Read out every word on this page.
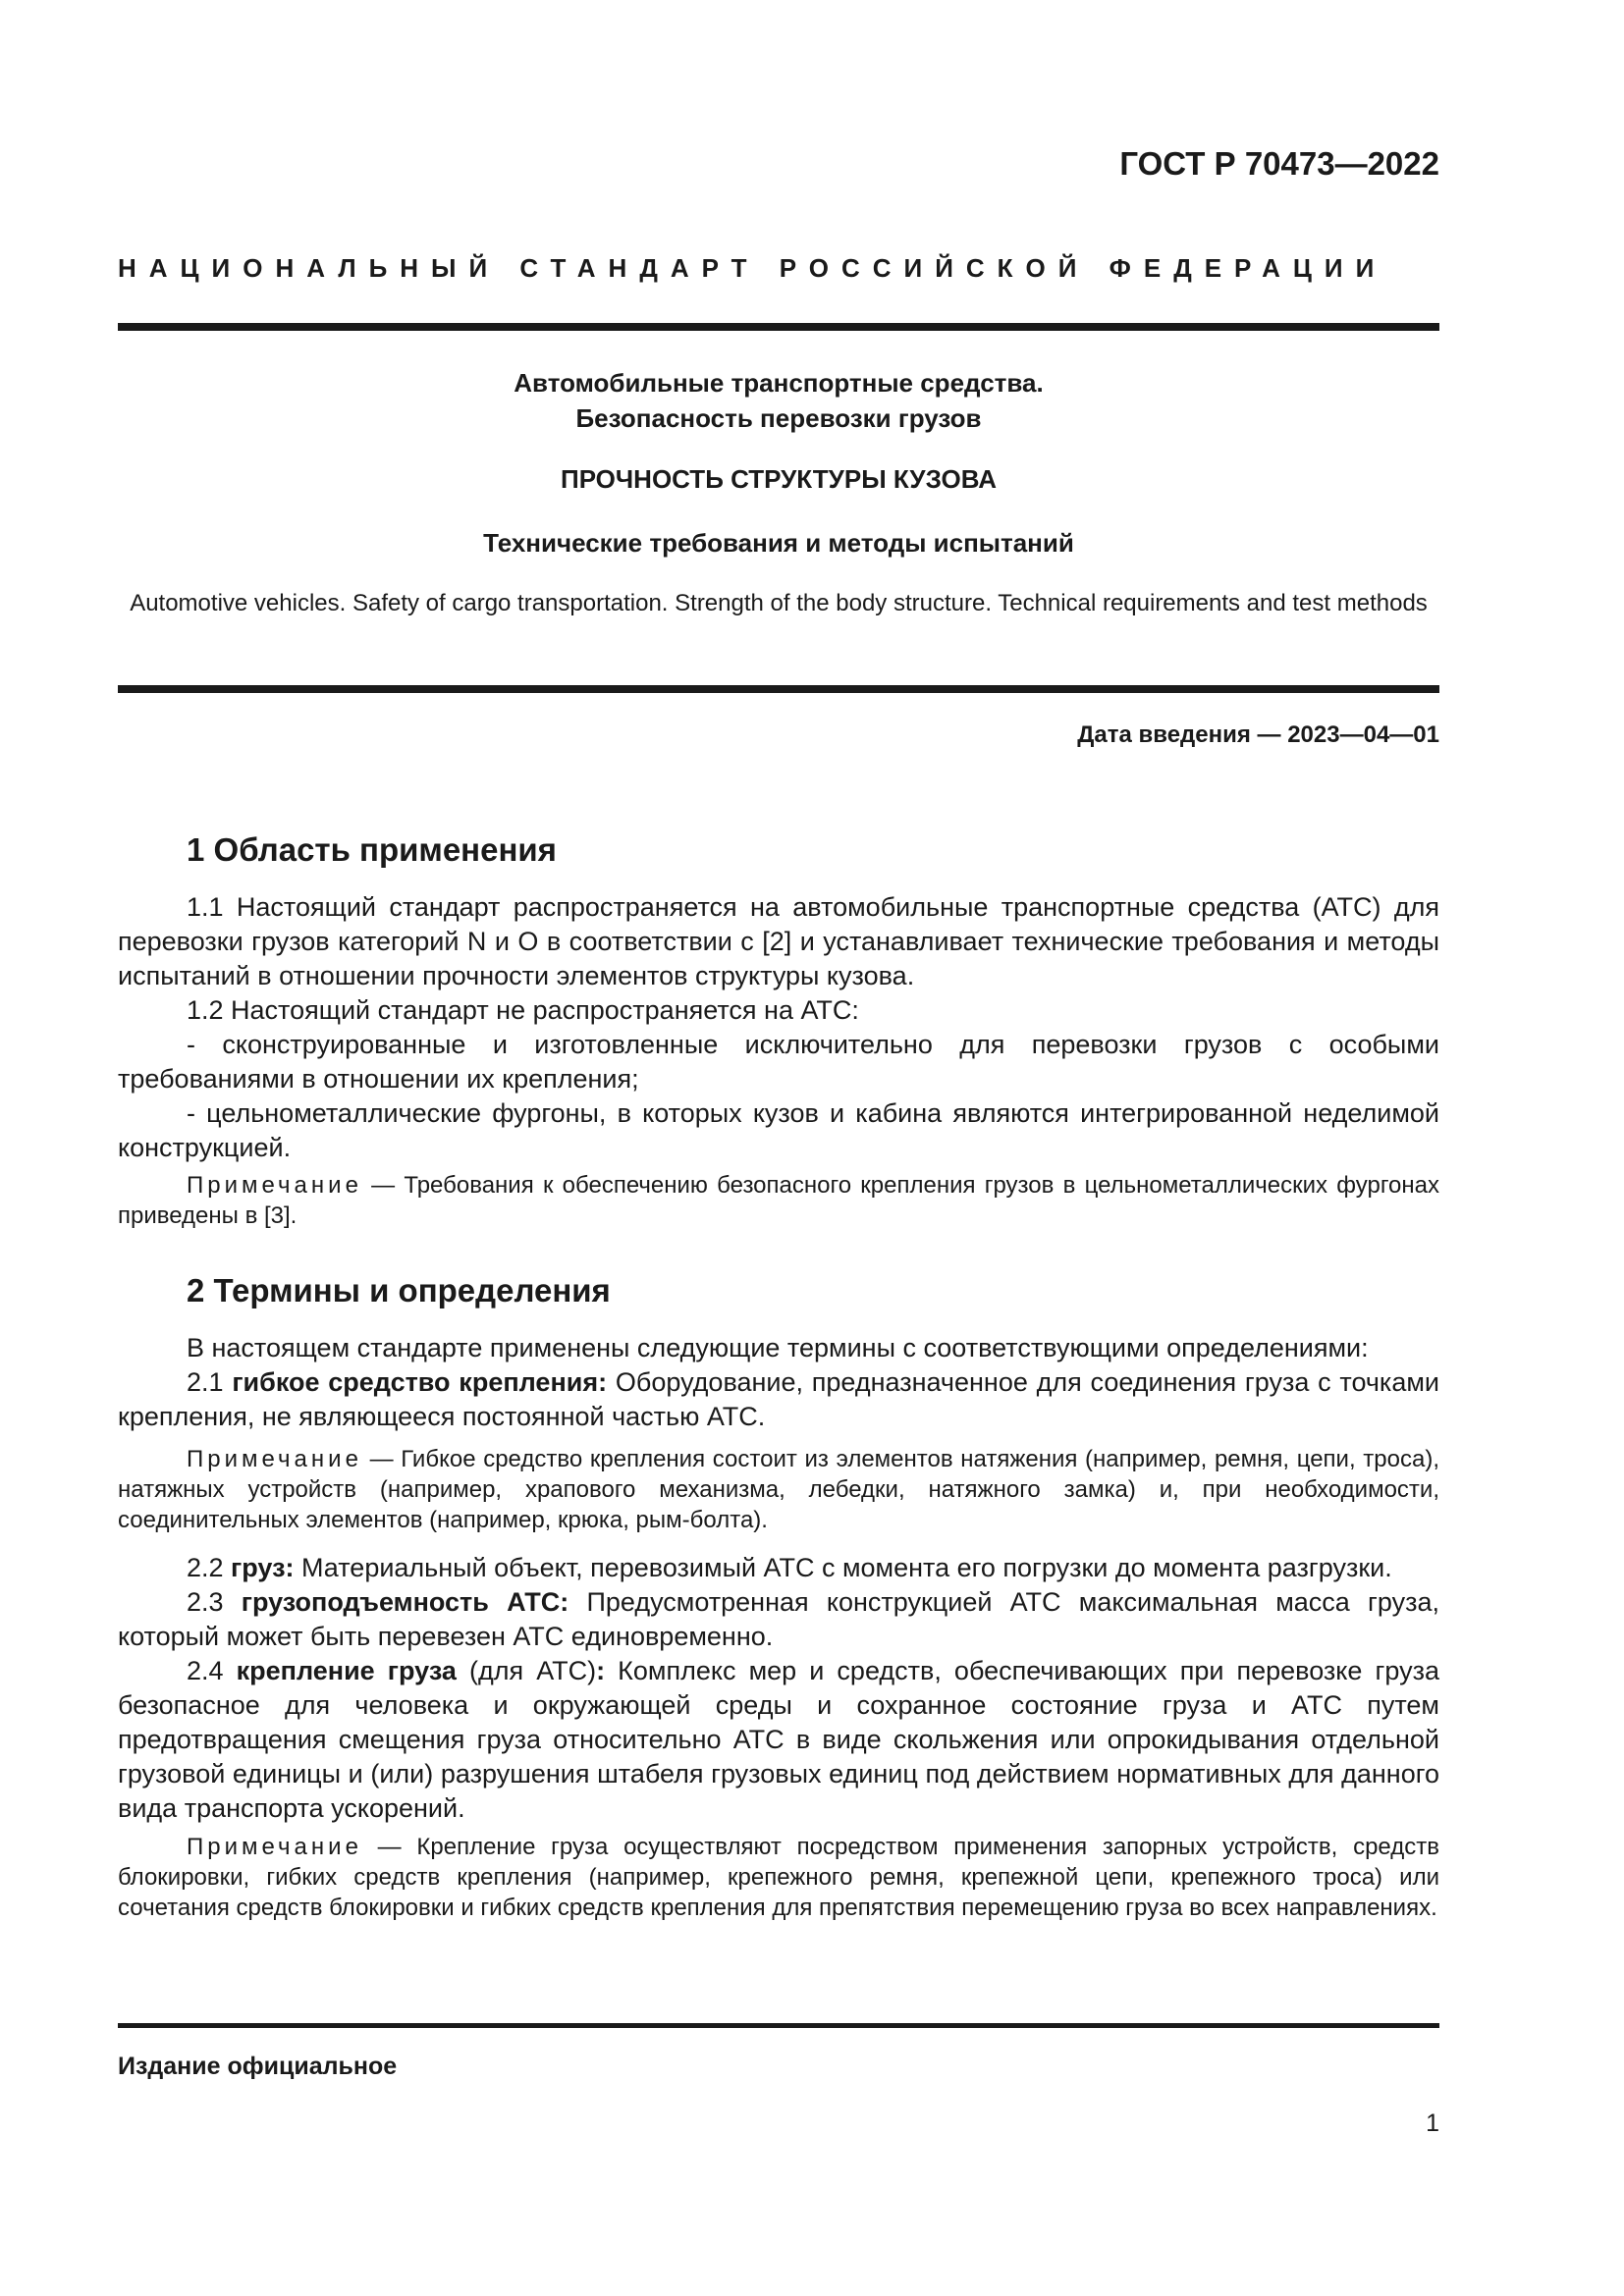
ГОСТ Р 70473—2022
НАЦИОНАЛЬНЫЙ СТАНДАРТ РОССИЙСКОЙ ФЕДЕРАЦИИ
Автомобильные транспортные средства.
Безопасность перевозки грузов
ПРОЧНОСТЬ СТРУКТУРЫ КУЗОВА
Технические требования и методы испытаний
Automotive vehicles. Safety of cargo transportation. Strength of the body structure. Technical requirements and test methods
Дата введения — 2023—04—01
1 Область применения

1.1 Настоящий стандарт распространяется на автомобильные транспортные средства (АТС) для перевозки грузов категорий N и O в соответствии с [2] и устанавливает технические требования и методы испытаний в отношении прочности элементов структуры кузова.

1.2 Настоящий стандарт не распространяется на АТС:

- сконструированные и изготовленные исключительно для перевозки грузов с особыми требованиями в отношении их крепления;

- цельнометаллические фургоны, в которых кузов и кабина являются интегрированной неделимой конструкцией.

Примечание — Требования к обеспечению безопасного крепления грузов в цельнометаллических фургонах приведены в [3].

2 Термины и определения

В настоящем стандарте применены следующие термины с соответствующими определениями:

2.1 гибкое средство крепления: Оборудование, предназначенное для соединения груза с точками крепления, не являющееся постоянной частью АТС.

Примечание — Гибкое средство крепления состоит из элементов натяжения (например, ремня, цепи, троса), натяжных устройств (например, храпового механизма, лебедки, натяжного замка) и, при необходимости, соединительных элементов (например, крюка, рым-болта).

2.2 груз: Материальный объект, перевозимый АТС с момента его погрузки до момента разгрузки.

2.3 грузоподъемность АТС: Предусмотренная конструкцией АТС максимальная масса груза, который может быть перевезен АТС единовременно.

2.4 крепление груза (для АТС): Комплекс мер и средств, обеспечивающих при перевозке груза безопасное для человека и окружающей среды и сохранное состояние груза и АТС путем предотвращения смещения груза относительно АТС в виде скольжения или опрокидывания отдельной грузовой единицы и (или) разрушения штабеля грузовых единиц под действием нормативных для данного вида транспорта ускорений.

Примечание — Крепление груза осуществляют посредством применения запорных устройств, средств блокировки, гибких средств крепления (например, крепежного ремня, крепежной цепи, крепежного троса) или сочетания средств блокировки и гибких средств крепления для препятствия перемещению груза во всех направлениях.

Издание официальное
1
